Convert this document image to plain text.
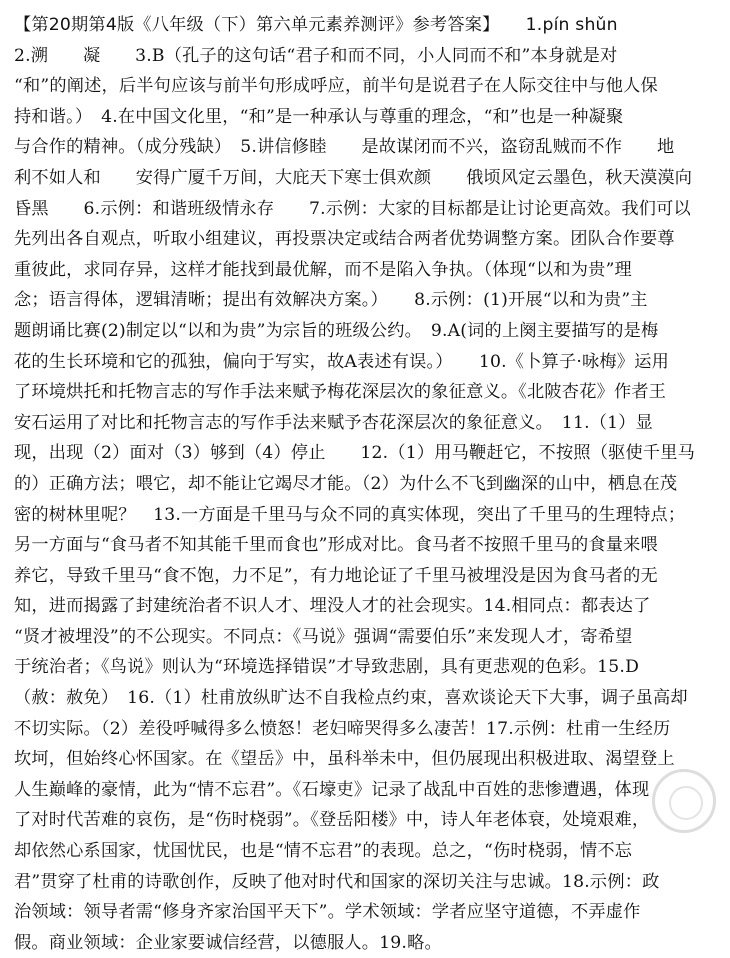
【第20期第4版《八年级（下）第六单元素养测评》参考答案】　　1.pín shǔn
2.溯　　凝　　3.B（孔子的这句话“君子和而不同，小人同而不和”本身就是对
“和”的阐述，后半句应该与前半句形成呼应，前半句是说君子在人际交往中与他人保
持和谐。）　4.在中国文化里，“和”是一种承认与尊重的理念，“和”也是一种凝聚
与合作的精神。（成分残缺）　5.讲信修睦　　是故谋闭而不兴，盗窃乱贼而不作　　地
利不如人和　　安得广厦千万间，大庇天下寒士俱欢颜　　俄顷风定云墨色，秋天漠漠向
昏黑　　6.示例：和谐班级情永存　　7.示例：大家的目标都是让讨论更高效。我们可以
先列出各自观点，听取小组建议，再投票决定或结合两者优势调整方案。团队合作要尊
重彼此，求同存异，这样才能找到最优解，而不是陷入争执。（体现“以和为贵”理
念；语言得体，逻辑清晰；提出有效解决方案。）　　8.示例：(1)开展“以和为贵”主
题朗诵比赛(2)制定以“以和为贵”为宗旨的班级公约。　9.A(词的上阕主要描写的是梅
花的生长环境和它的孤独，偏向于写实，故A表述有误。）　　10.《卜算子·咏梅》运用
了环境烘托和托物言志的写作手法来赋予梅花深层次的象征意义。《北陂杏花》作者王
安石运用了对比和托物言志的写作手法来赋予杏花深层次的象征意义。　11.（1）显
现，出现（2）面对（3）够到（4）停止　　12.（1）用马鞭赶它，不按照（驱使千里马
的）正确方法；喂它，却不能让它竭尽才能。（2）为什么不飞到幽深的山中，栖息在茂
密的树林里呢？　13.一方面是千里马与众不同的真实体现，突出了千里马的生理特点；
另一方面与“食马者不知其能千里而食也”形成对比。食马者不按照千里马的食量来喂
养它，导致千里马“食不饱，力不足”，有力地论证了千里马被埋没是因为食马者的无
知，进而揭露了封建统治者不识人才、埋没人才的社会现实。14.相同点：都表达了
“贤才被埋没”的不公现实。不同点：《马说》强调“需要伯乐”来发现人才，寄希望
于统治者；《鸟说》则认为“环境选择错误”才导致悲剧，具有更悲观的色彩。15.D
（赦：赦免）　16.（1）杜甫放纵旷达不自我检点约束，喜欢谈论天下大事，调子虽高却
不切实际。（2）差役呼喊得多么愤怒！老妇啼哭得多么凄苦！17.示例：杜甫一生经历
坎坷，但始终心怀国家。在《望岳》中，虽科举未中，但仍展现出积极进取、渴望登上
人生巅峰的豪情，此为“情不忘君”。《石壕吏》记录了战乱中百姓的悲惨遭遇，体现
了对时代苦难的哀伤，是“伤时桡弱”。《登岳阳楼》中，诗人年老体衰，处境艰难，
却依然心系国家，忧国忧民，也是“情不忘君”的表现。总之，“伤时桡弱，情不忘
君”贯穿了杜甫的诗歌创作，反映了他对时代和国家的深切关注与忠诚。18.示例：政
治领域：领导者需“修身齐家治国平天下”。学术领域：学者应坚守道德，不弄虚作
假。商业领域：企业家要诚信经营，以德服人。19.略。
